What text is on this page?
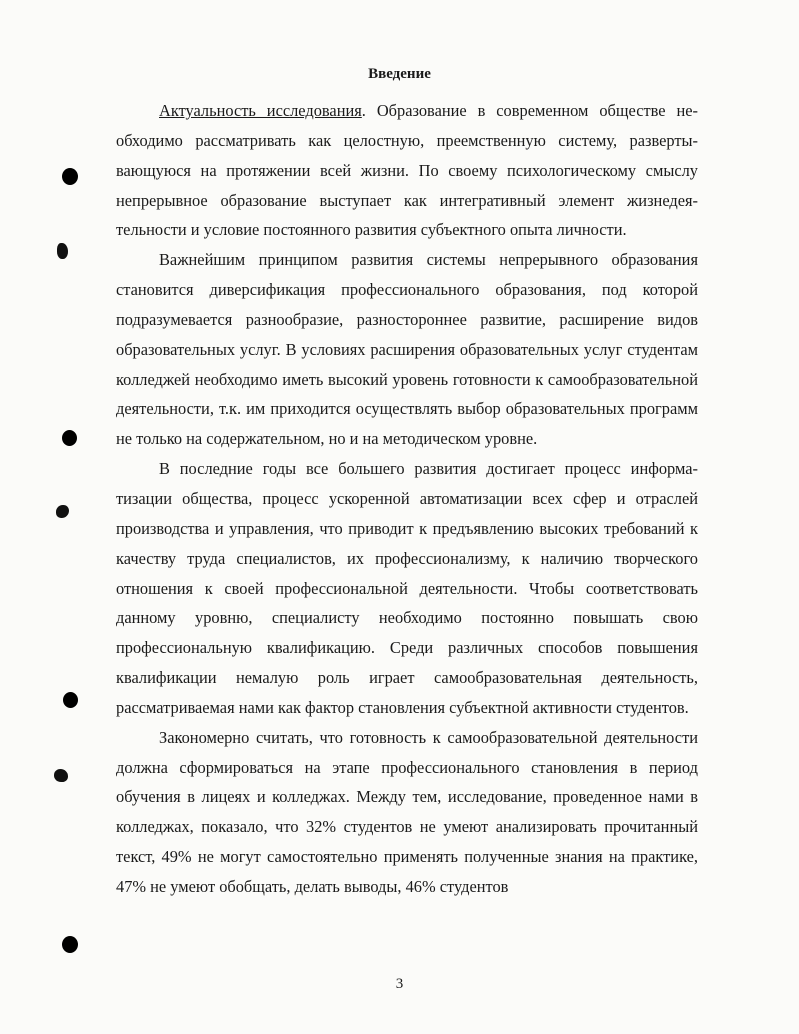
Введение

Актуальность исследования. Образование в современном обществе необходимо рассматривать как целостную, преемственную систему, развертывающуюся на протяжении всей жизни. По своему психологическому смыслу непрерывное образование выступает как интегративный элемент жизнедеятельности и условие постоянного развития субъектного опыта личности.

Важнейшим принципом развития системы непрерывного образования становится диверсификация профессионального образования, под которой подразумевается разнообразие, разностороннее развитие, расширение видов образовательных услуг. В условиях расширения образовательных услуг студентам колледжей необходимо иметь высокий уровень готовности к самообразовательной деятельности, т.к. им приходится осуществлять выбор образовательных программ не только на содержательном, но и на методическом уровне.

В последние годы все большего развития достигает процесс информатизации общества, процесс ускоренной автоматизации всех сфер и отраслей производства и управления, что приводит к предъявлению высоких требований к качеству труда специалистов, их профессионализму, к наличию творческого отношения к своей профессиональной деятельности. Чтобы соответствовать данному уровню, специалисту необходимо постоянно повышать свою профессиональную квалификацию. Среди различных способов повышения квалификации немалую роль играет самообразовательная деятельность, рассматриваемая нами как фактор становления субъектной активности студентов.

Закономерно считать, что готовность к самообразовательной деятельности должна сформироваться на этапе профессионального становления в период обучения в лицеях и колледжах. Между тем, исследование, проведенное нами в колледжах, показало, что 32% студентов не умеют анализировать прочитанный текст, 49% не могут самостоятельно применять полученные знания на практике, 47% не умеют обобщать, делать выводы, 46% студентов

3
